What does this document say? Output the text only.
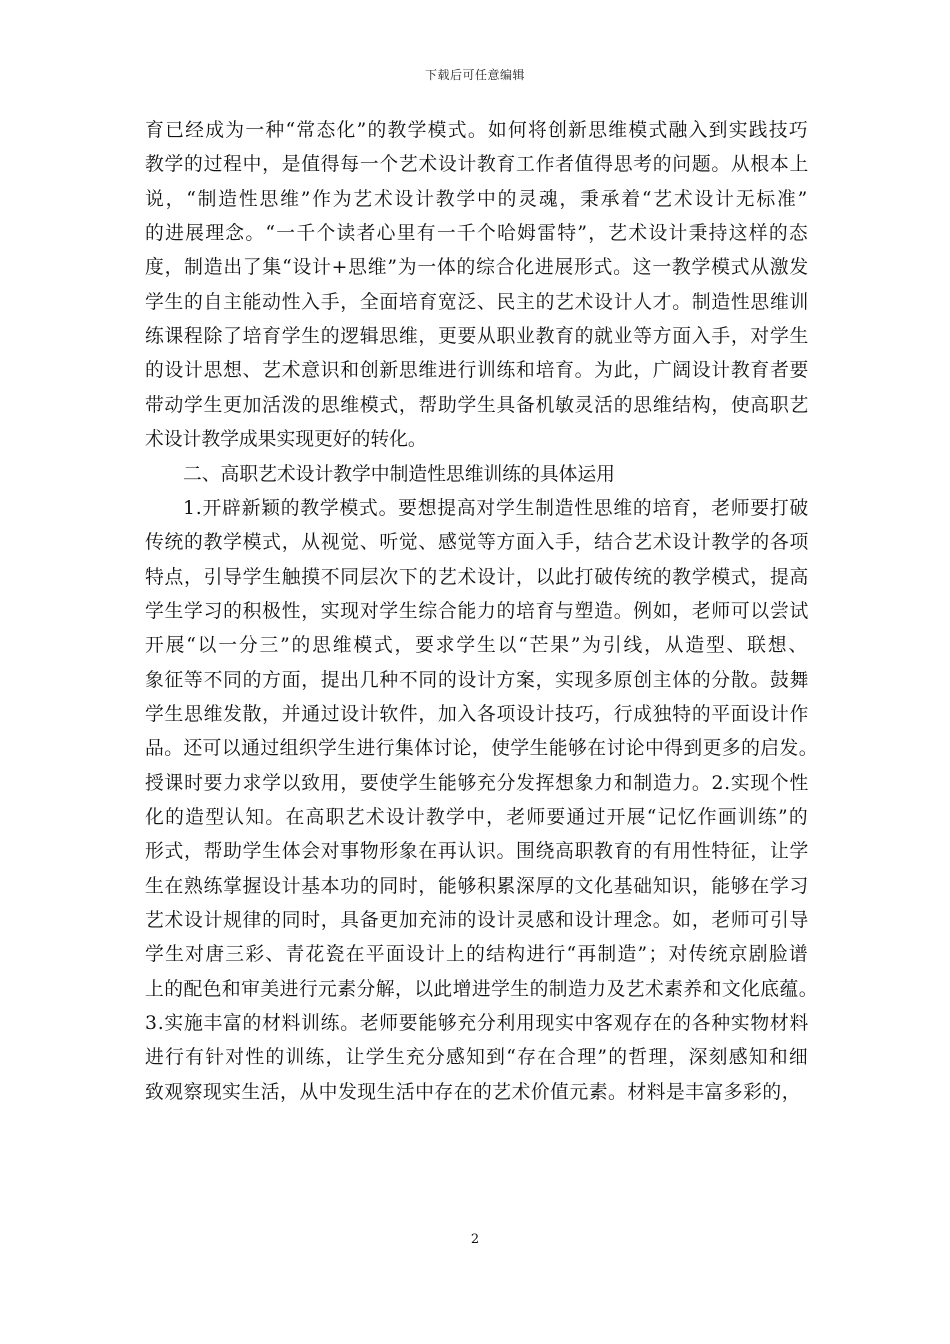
下载后可任意编辑
育已经成为一种“常态化”的教学模式。如何将创新思维模式融入到实践技巧
教学的过程中，是值得每一个艺术设计教育工作者值得思考的问题。从根本上
说，“制造性思维”作为艺术设计教学中的灵魂，秉承着“艺术设计无标准”
的进展理念。“一千个读者心里有一千个哈姆雷特”，艺术设计秉持这样的态
度，制造出了集“设计+思维”为一体的综合化进展形式。这一教学模式从激发
学生的自主能动性入手，全面培育宽泛、民主的艺术设计人才。制造性思维训
练课程除了培育学生的逻辑思维，更要从职业教育的就业等方面入手，对学生
的设计思想、艺术意识和创新思维进行训练和培育。为此，广阔设计教育者要
带动学生更加活泼的思维模式，帮助学生具备机敏灵活的思维结构，使高职艺
术设计教学成果实现更好的转化。
二、高职艺术设计教学中制造性思维训练的具体运用
1.开辟新颖的教学模式。要想提高对学生制造性思维的培育，老师要打破
传统的教学模式，从视觉、听觉、感觉等方面入手，结合艺术设计教学的各项
特点，引导学生触摸不同层次下的艺术设计，以此打破传统的教学模式，提高
学生学习的积极性，实现对学生综合能力的培育与塑造。例如，老师可以尝试
开展“以一分三”的思维模式，要求学生以“芒果”为引线，从造型、联想、
象征等不同的方面，提出几种不同的设计方案，实现多原创主体的分散。鼓舞
学生思维发散，并通过设计软件，加入各项设计技巧，行成独特的平面设计作
品。还可以通过组织学生进行集体讨论，使学生能够在讨论中得到更多的启发。
授课时要力求学以致用，要使学生能够充分发挥想象力和制造力。2.实现个性
化的造型认知。在高职艺术设计教学中，老师要通过开展“记忆作画训练”的
形式，帮助学生体会对事物形象在再认识。围绕高职教育的有用性特征，让学
生在熟练掌握设计基本功的同时，能够积累深厚的文化基础知识，能够在学习
艺术设计规律的同时，具备更加充沛的设计灵感和设计理念。如，老师可引导
学生对唐三彩、青花瓷在平面设计上的结构进行“再制造”；对传统京剧脸谱
上的配色和审美进行元素分解，以此增进学生的制造力及艺术素养和文化底蕴。
3.实施丰富的材料训练。老师要能够充分利用现实中客观存在的各种实物材料
进行有针对性的训练，让学生充分感知到“存在合理”的哲理，深刻感知和细
致观察现实生活，从中发现生活中存在的艺术价值元素。材料是丰富多彩的，
2
